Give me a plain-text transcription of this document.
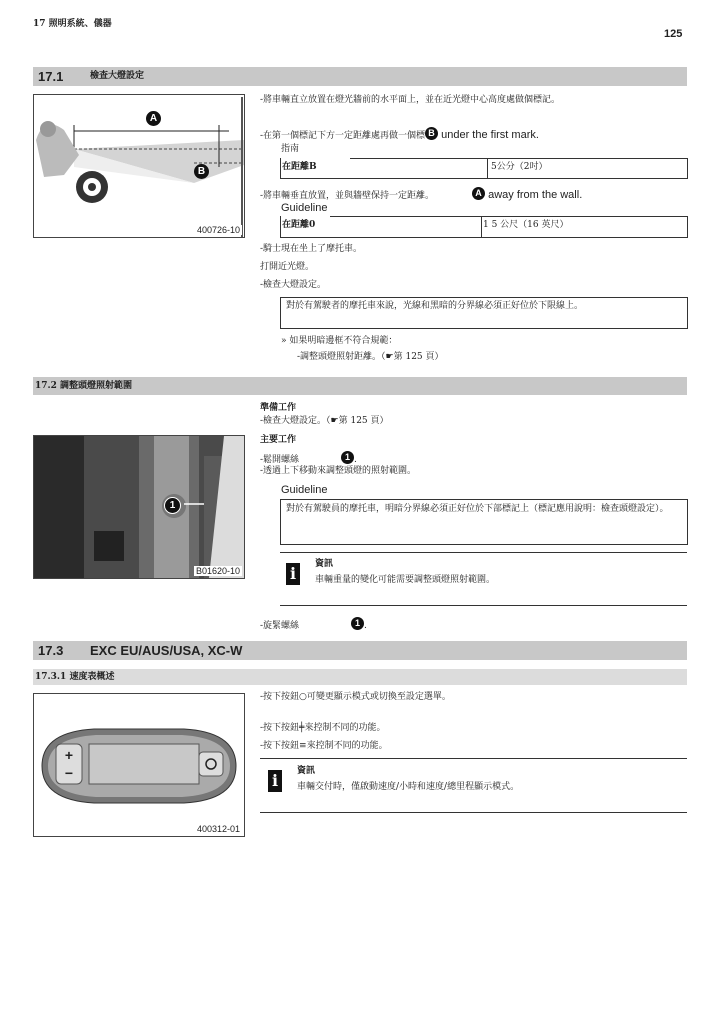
17 照明系統、儀器
125
17.1	檢查大燈設定
A
B
400726-10
-將車輛直立放置在燈光牆前的水平面上，並在近光燈中心高度處做個標記。
-在第一個標記下方一定距離處再做一個標 B under the first mark.
指南
在距離B	5公分（2吋）
-將車輛垂直放置，並與牆壁保持一定距離。	A away from the wall.
Guideline
在距離0	1 5 公尺（16 英尺）
-騎士現在坐上了摩托車。
打開近光燈。
-檢查大燈設定。
對於有駕駛者的摩托車來說，光線和黑暗的分界線必須正好位於下限線上。
» 如果明暗邊框不符合規範：
-調整頭燈照射距離。（☛第 125 頁）
17.2 調整頭燈照射範圍
1
B01620-10
準備工作
-檢查大燈設定。（☛第 125 頁）
主要工作
-鬆開螺絲	1 .
-透過上下移動來調整頭燈的照射範圍。
Guideline
對於有駕駛員的摩托車，明暗分界線必須正好位於下部標記上（標記應用說明：檢查頭燈設定）。
i	資訊
車輛重量的變化可能需要調整頭燈照射範圍。
-旋緊螺絲	1 .
17.3 EXC EU/AUS/USA, XC-W
17.3.1 速度表概述
+
−
400312-01
-按下按鈕○可變更顯示模式或切換至設定選單。
-按下按鈕╪來控制不同的功能。
-按下按鈕≡來控制不同的功能。
i	資訊
車輛交付時，僅啟動速度/小時和速度/總里程顯示模式。
